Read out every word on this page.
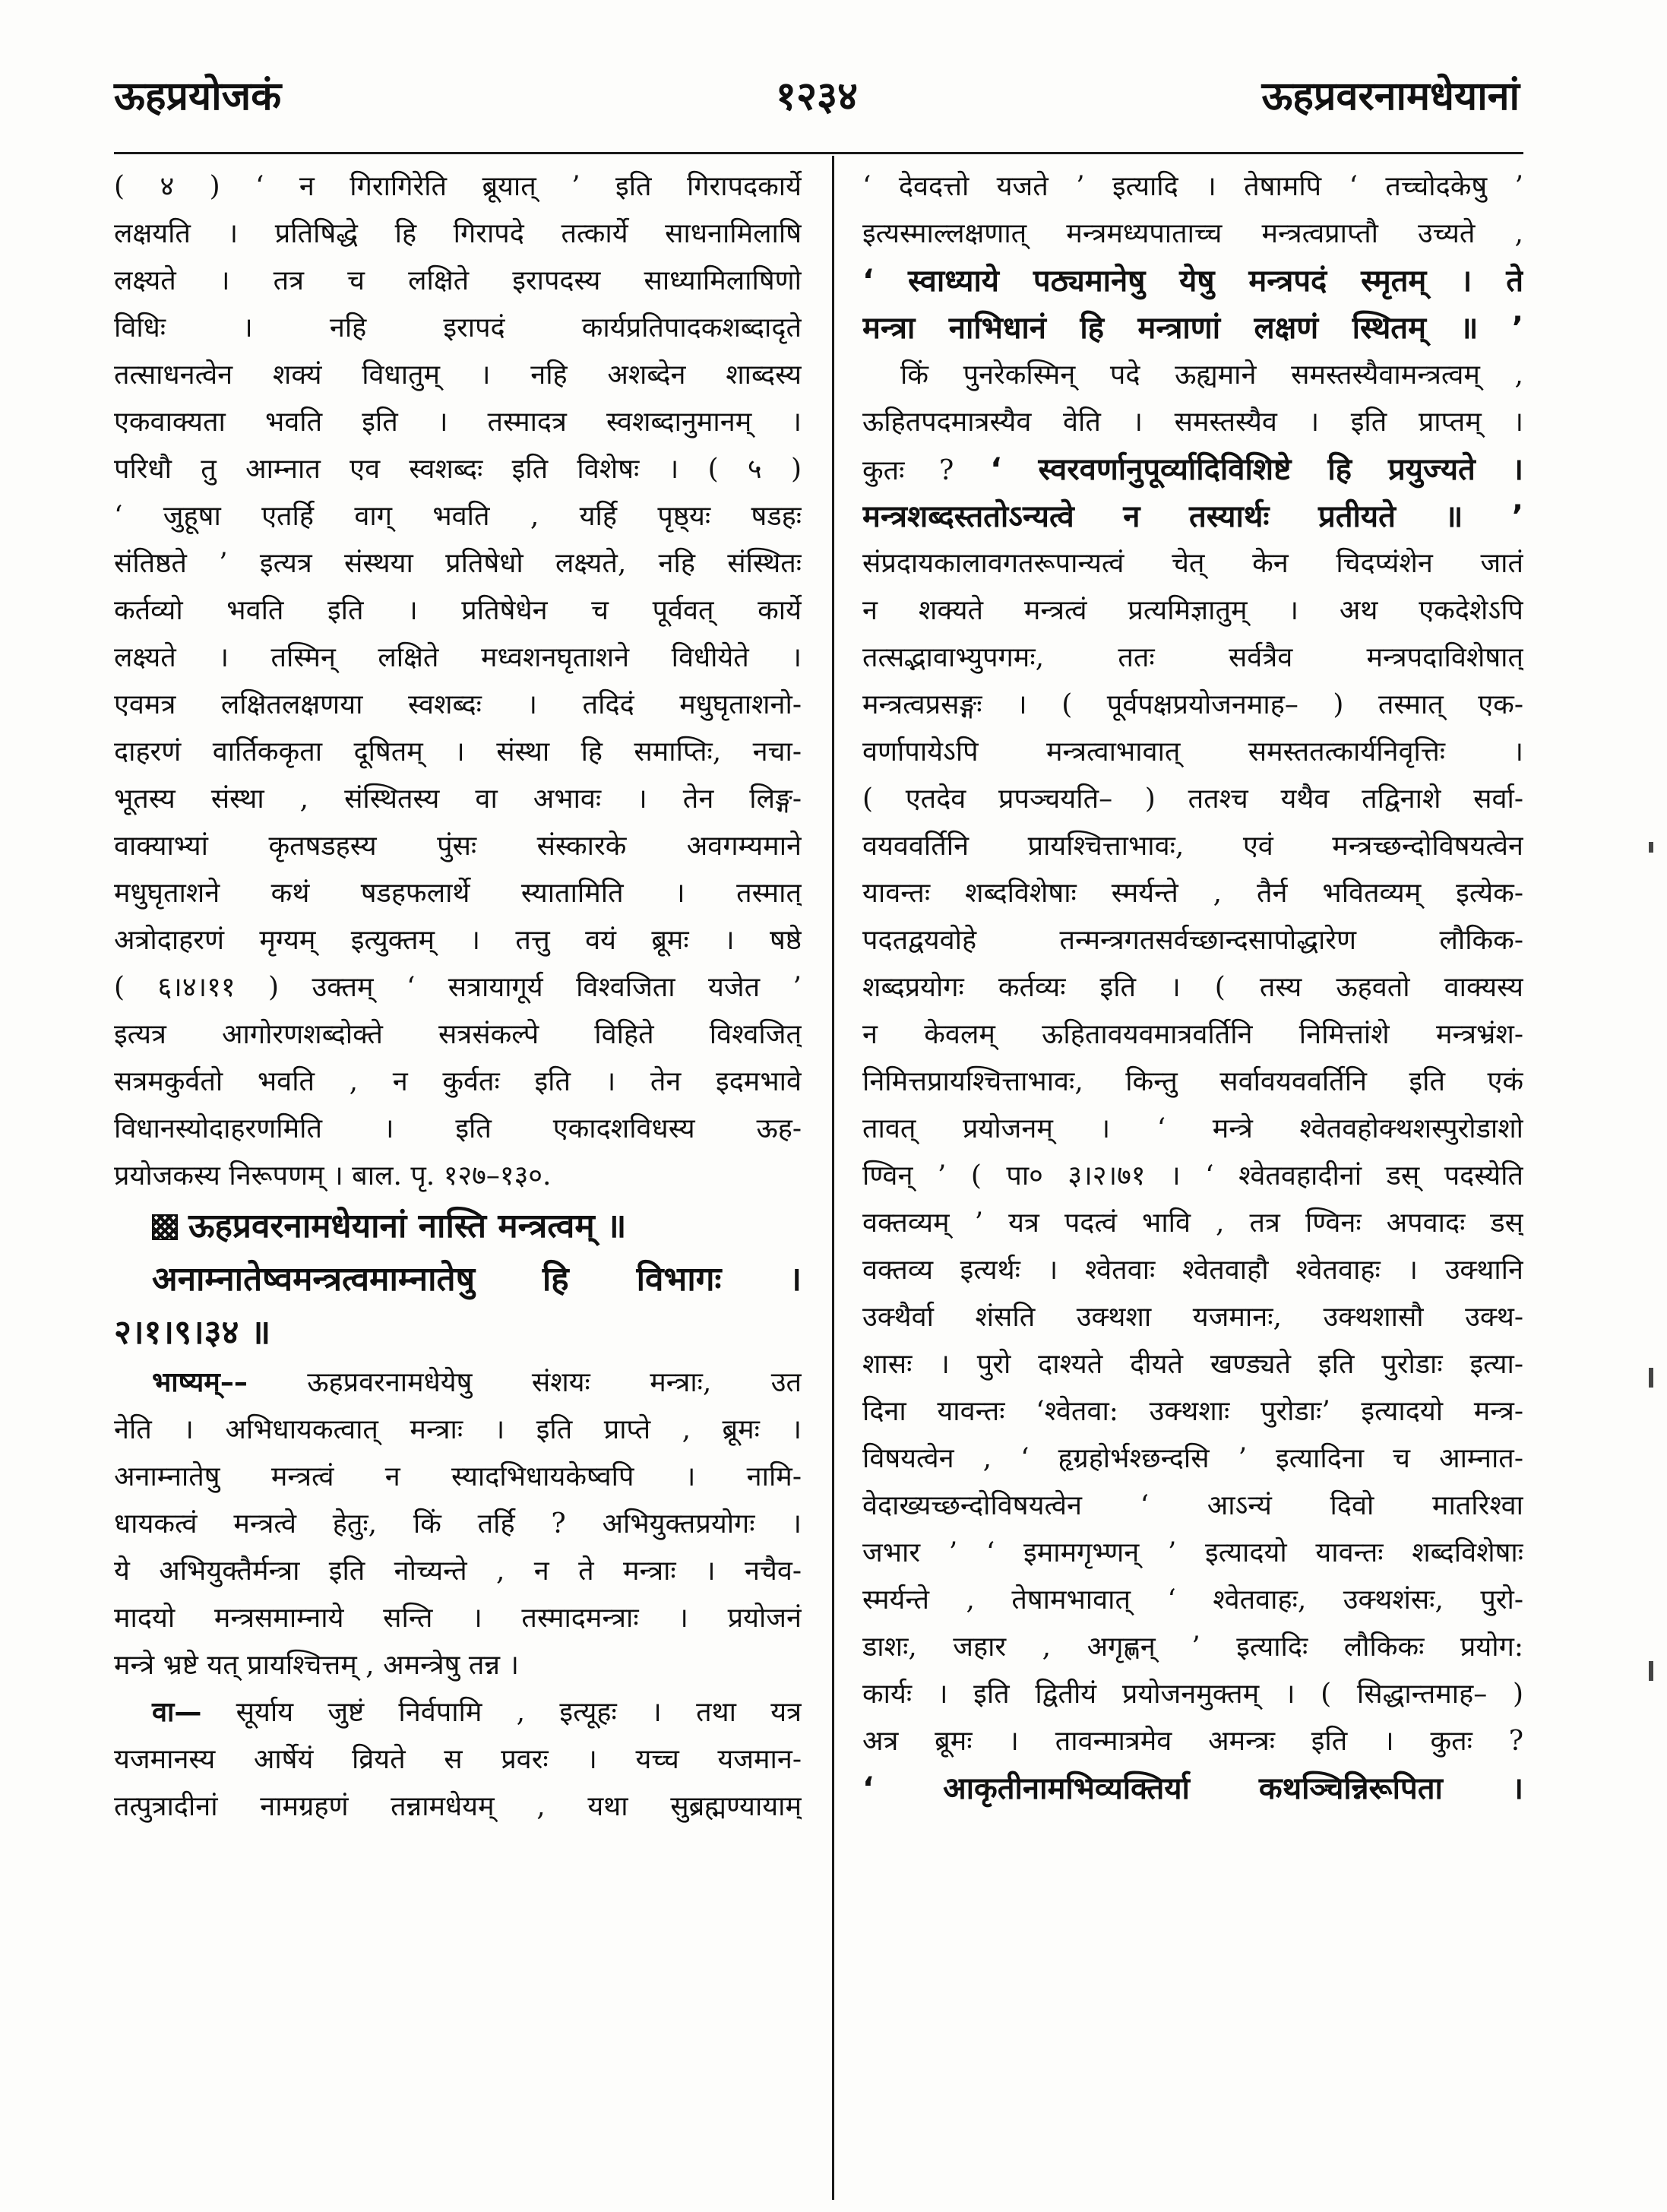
ऊहप्रयोजकं	१२३४	ऊहप्रवरनामधेयानां
( ४ ) ‘ न गिरागिरेति ब्रूयात् ’ इति गिरापदकार्ये
लक्षयति । प्रतिषिद्धे हि गिरापदे तत्कार्ये साधनामिलाषि
लक्ष्यते । तत्र च लक्षिते इरापदस्य साध्यामिलाषिणो
विधिः । नहि इरापदं कार्यप्रतिपादकशब्दादृते
तत्साधनत्वेन शक्यं विधातुम् । नहि अशब्देन शाब्दस्य
एकवाक्यता भवति इति । तस्मादत्र स्वशब्दानुमानम् ।
परिधौ तु आम्नात एव स्वशब्दः इति विशेषः । ( ५ )
‘ जुहूषा एतर्हि वाग् भवति , यर्हि पृष्ठ्यः षडहः
संतिष्ठते ’ इत्यत्र संस्थया प्रतिषेधो लक्ष्यते, नहि संस्थितः
कर्तव्यो भवति इति । प्रतिषेधेन च पूर्ववत् कार्ये
लक्ष्यते । तस्मिन् लक्षिते मध्वशनघृताशने विधीयेते ।
एवमत्र लक्षितलक्षणया स्वशब्दः । तदिदं मधुघृताशनो-
दाहरणं वार्तिककृता दूषितम् । संस्था हि समाप्तिः, नचा-
भूतस्य संस्था , संस्थितस्य वा अभावः । तेन लिङ्ग-
वाक्याभ्यां कृतषडहस्य पुंसः संस्कारके अवगम्यमाने
मधुघृताशने कथं षडहफलार्थे स्यातामिति । तस्मात्
अत्रोदाहरणं मृग्यम् इत्युक्तम् । तत्तु वयं ब्रूमः । षष्ठे
( ६।४।११ ) उक्तम् ‘ सत्रायागूर्य विश्वजिता यजेत ’
इत्यत्र आगोरणशब्दोक्ते सत्रसंकल्पे विहिते विश्वजित्
सत्रमकुर्वतो भवति , न कुर्वतः इति । तेन इदमभावे
विधानस्योदाहरणमिति । इति एकादशविधस्य ऊह-
प्रयोजकस्य निरूपणम् । बाल. पृ. १२७–१३०.
ऊहप्रवरनामधेयानां नास्ति मन्त्रत्वम् ॥
अनाम्नातेष्वमन्त्रत्वमाम्नातेषु हि विभागः ।
२।१।९।३४ ॥
भाष्यम्–– ऊहप्रवरनामधेयेषु संशयः मन्त्राः, उत
नेति । अभिधायकत्वात् मन्त्राः । इति प्राप्ते , ब्रूमः ।
अनाम्नातेषु मन्त्रत्वं न स्यादभिधायकेष्वपि । नामि-
धायकत्वं मन्त्रत्वे हेतुः, किं तर्हि ? अभियुक्तप्रयोगः ।
ये अभियुक्तैर्मन्त्रा इति नोच्यन्ते , न ते मन्त्राः । नचैव-
मादयो मन्त्रसमाम्नाये सन्ति । तस्मादमन्त्राः । प्रयोजनं
मन्त्रे भ्रष्टे यत् प्रायश्चित्तम् , अमन्त्रेषु तन्न ।
वा— सूर्याय जुष्टं निर्वपामि , इत्यूहः । तथा यत्र
यजमानस्य आर्षेयं व्रियते स प्रवरः । यच्च यजमान-
तत्पुत्रादीनां नामग्रहणं तन्नामधेयम् , यथा सुब्रह्मण्यायाम्
‘ देवदत्तो यजते ’ इत्यादि । तेषामपि ‘ तच्चोदकेषु ’
इत्यस्माल्लक्षणात् मन्त्रमध्यपाताच्च मन्त्रत्वप्राप्तौ उच्यते ,
‘ स्वाध्याये पठ्यमानेषु येषु मन्त्रपदं स्मृतम् । ते
मन्त्रा नाभिधानं हि मन्त्राणां लक्षणं स्थितम् ॥ ’
किं पुनरेकस्मिन् पदे ऊह्यमाने समस्तस्यैवामन्त्रत्वम् ,
ऊहितपदमात्रस्यैव वेति । समस्तस्यैव । इति प्राप्तम् ।
कुतः ? ‘ स्वरवर्णानुपूर्व्यादिविशिष्टे हि प्रयुज्यते ।
मन्त्रशब्दस्ततोऽन्यत्वे न तस्यार्थः प्रतीयते ॥ ’
संप्रदायकालावगतरूपान्यत्वं चेत् केन चिदप्यंशेन जातं
न शक्यते मन्त्रत्वं प्रत्यमिज्ञातुम् । अथ एकदेशेऽपि
तत्सद्भावाभ्युपगमः, ततः सर्वत्रैव मन्त्रपदाविशेषात्
मन्त्रत्वप्रसङ्गः । ( पूर्वपक्षप्रयोजनमाह– ) तस्मात् एक-
वर्णापायेऽपि मन्त्रत्वाभावात् समस्ततत्कार्यनिवृत्तिः ।
( एतदेव प्रपञ्चयति– ) ततश्च यथैव तद्विनाशे सर्वा-
वयववर्तिनि प्रायश्चित्ताभावः, एवं मन्त्रच्छन्दोविषयत्वेन
यावन्तः शब्दविशेषाः स्मर्यन्ते , तैर्न भवितव्यम् इत्येक-
पदतद्वयवोहे तन्मन्त्रगतसर्वच्छान्दसापोद्धारेण लौकिक-
शब्दप्रयोगः कर्तव्यः इति । ( तस्य ऊहवतो वाक्यस्य
न केवलम् ऊहितावयवमात्रवर्तिनि निमित्तांशे मन्त्रभ्रंश-
निमित्तप्रायश्चित्ताभावः, किन्तु सर्वावयववर्तिनि इति एकं
तावत् प्रयोजनम् । ‘ मन्त्रे श्वेतवहोक्थशस्पुरोडाशो
ण्विन् ’ ( पा० ३।२।७१ । ‘ श्वेतवहादीनां डस् पदस्येति
वक्तव्यम् ’ यत्र पदत्वं भावि , तत्र ण्विनः अपवादः डस्
वक्तव्य इत्यर्थः । श्वेतवाः श्वेतवाहौ श्वेतवाहः । उक्थानि
उक्थैर्वा शंसति उक्थशा यजमानः, उक्थशासौ उक्थ-
शासः । पुरो दाश्यते दीयते खण्ड्यते इति पुरोडाः इत्या-
दिना यावन्तः ‘श्वेतवा: उक्थशाः पुरोडाः’ इत्यादयो मन्त्र-
विषयत्वेन , ‘ हृग्रहोर्भश्छन्दसि ’ इत्यादिना च आम्नात-
वेदाख्यच्छन्दोविषयत्वेन ‘ आऽन्यं दिवो मातरिश्वा
जभार ’ ‘ इमामगृभ्णन् ’ इत्यादयो यावन्तः शब्दविशेषाः
स्मर्यन्ते , तेषामभावात् ‘ श्वेतवाहः, उक्थशंसः, पुरो-
डाशः, जहार , अगृह्णन् ’ इत्यादिः लौकिकः प्रयोग:
कार्यः । इति द्वितीयं प्रयोजनमुक्तम् । ( सिद्धान्तमाह– )
अत्र ब्रूमः । तावन्मात्रमेव अमन्त्रः इति । कुतः ?
‘ आकृतीनामभिव्यक्तिर्या कथञ्चिन्निरूपिता ।
